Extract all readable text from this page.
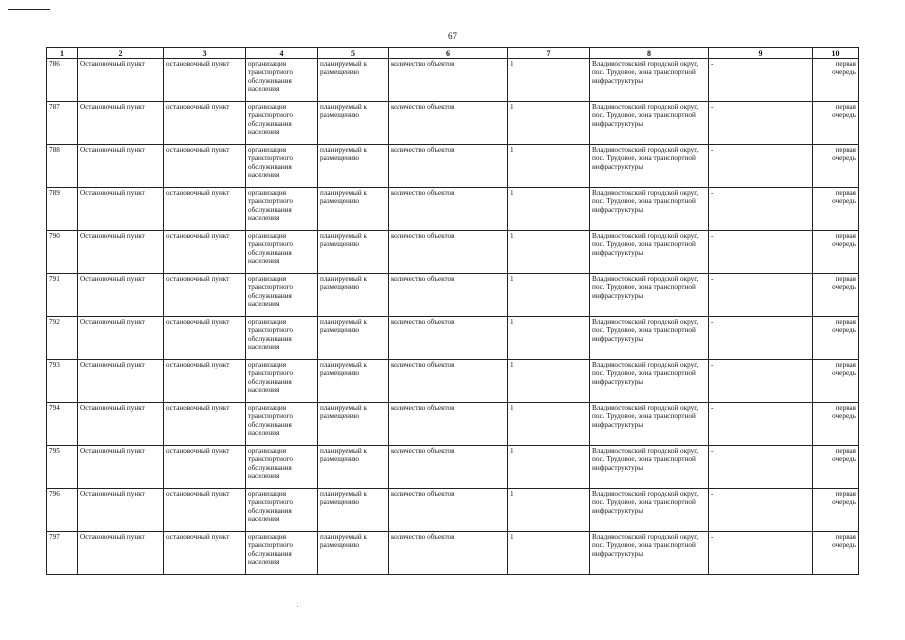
67
1	2	3	4	5	6	7	8	9	10
786	Остановочный пункт	остановочный пункт	организация транспортного обслуживания населения	планируемый к размещению	количество объектов	1	Владивостокский городской округ, пос. Трудовое, зона транспортной инфраструктуры	-	первая очередь
787	Остановочный пункт	остановочный пункт	организация транспортного обслуживания населения	планируемый к размещению	количество объектов	1	Владивостокский городской округ, пос. Трудовое, зона транспортной инфраструктуры	-	первая очередь
788	Остановочный пункт	остановочный пункт	организация транспортного обслуживания населения	планируемый к размещению	количество объектов	1	Владивостокский городской округ, пос. Трудовое, зона транспортной инфраструктуры	-	первая очередь
789	Остановочный пункт	остановочный пункт	организация транспортного обслуживания населения	планируемый к размещению	количество объектов	1	Владивостокский городской округ, пос. Трудовое, зона транспортной инфраструктуры	-	первая очередь
790	Остановочный пункт	остановочный пункт	организация транспортного обслуживания населения	планируемый к размещению	количество объектов	1	Владивостокский городской округ, пос. Трудовое, зона транспортной инфраструктуры	-	первая очередь
791	Остановочный пункт	остановочный пункт	организация транспортного обслуживания населения	планируемый к размещению	количество объектов	1	Владивостокский городской округ, пос. Трудовое, зона транспортной инфраструктуры	-	первая очередь
792	Остановочный пункт	остановочный пункт	организация транспортного обслуживания населения	планируемый к размещению	количество объектов	1	Владивостокский городской округ, пос. Трудовое, зона транспортной инфраструктуры	-	первая очередь
793	Остановочный пункт	остановочный пункт	организация транспортного обслуживания населения	планируемый к размещению	количество объектов	1	Владивостокский городской округ, пос. Трудовое, зона транспортной инфраструктуры	-	первая очередь
794	Остановочный пункт	остановочный пункт	организация транспортного обслуживания населения	планируемый к размещению	количество объектов	1	Владивостокский городской округ, пос. Трудовое, зона транспортной инфраструктуры	-	первая очередь
795	Остановочный пункт	остановочный пункт	организация транспортного обслуживания населения	планируемый к размещению	количество объектов	1	Владивостокский городской округ, пос. Трудовое, зона транспортной инфраструктуры	-	первая очередь
796	Остановочный пункт	остановочный пункт	организация транспортного обслуживания населения	планируемый к размещению	количество объектов	1	Владивостокский городской округ, пос. Трудовое, зона транспортной инфраструктуры	-	первая очередь
797	Остановочный пункт	остановочный пункт	организация транспортного обслуживания населения	планируемый к размещению	количество объектов	1	Владивостокский городской округ, пос. Трудовое, зона транспортной инфраструктуры	-	первая очередь
